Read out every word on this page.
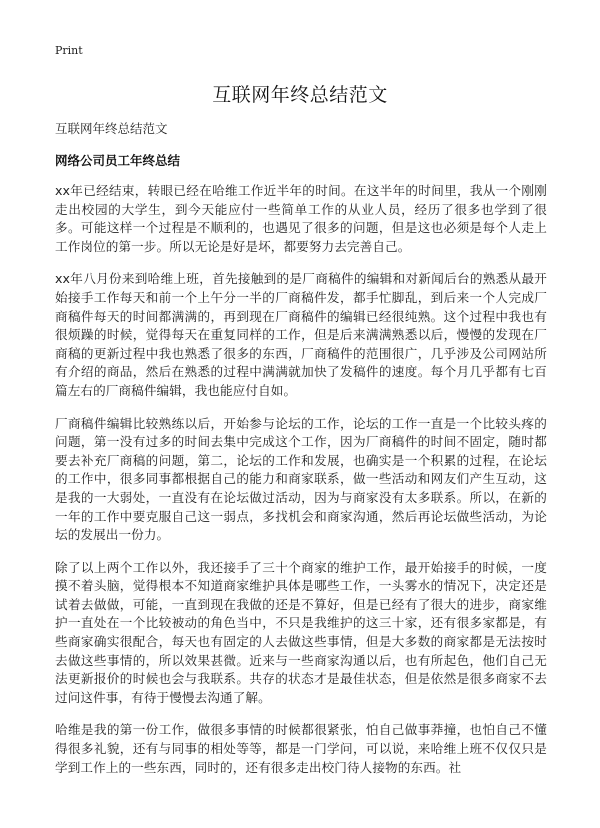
Print
互联网年终总结范文
互联网年终总结范文
网络公司员工年终总结

xx年已经结束，转眼已经在哈维工作近半年的时间。在这半年的时间里，我从一个刚刚走出校园的大学生，到今天能应付一些简单工作的从业人员，经历了很多也学到了很多。可能这样一个过程是不顺利的，也遇见了很多的问题，但是这也必须是每个人走上工作岗位的第一步。所以无论是好是坏，都要努力去完善自己。

xx年八月份来到哈维上班，首先接触到的是厂商稿件的编辑和对新闻后台的熟悉从最开始接手工作每天和前一个上午分一半的厂商稿件发，都手忙脚乱，到后来一个人完成厂商稿件每天的时间都满满的，再到现在厂商稿件的编辑已经很纯熟。这个过程中我也有很烦躁的时候，觉得每天在重复同样的工作，但是后来满满熟悉以后，慢慢的发现在厂商稿的更新过程中我也熟悉了很多的东西，厂商稿件的范围很广，几乎涉及公司网站所有介绍的商品，然后在熟悉的过程中满满就加快了发稿件的速度。每个月几乎都有七百篇左右的厂商稿件编辑，我也能应付自如。

厂商稿件编辑比较熟练以后，开始参与论坛的工作，论坛的工作一直是一个比较头疼的问题，第一没有过多的时间去集中完成这个工作，因为厂商稿件的时间不固定，随时都要去补充厂商稿的问题，第二，论坛的工作和发展，也确实是一个积累的过程，在论坛的工作中，很多同事都根据自己的能力和商家联系，做一些活动和网友们产生互动，这是我的一大弱处，一直没有在论坛做过活动，因为与商家没有太多联系。所以，在新的一年的工作中要克服自己这一弱点，多找机会和商家沟通，然后再论坛做些活动，为论坛的发展出一份力。

除了以上两个工作以外，我还接手了三十个商家的维护工作，最开始接手的时候，一度摸不着头脑，觉得根本不知道商家维护具体是哪些工作，一头雾水的情况下，决定还是试着去做做，可能，一直到现在我做的还是不算好，但是已经有了很大的进步，商家维护一直处在一个比较被动的角色当中，不只是我维护的这三十家，还有很多家都是，有些商家确实很配合，每天也有固定的人去做这些事情，但是大多数的商家都是无法按时去做这些事情的，所以效果甚微。近来与一些商家沟通以后，也有所起色，他们自己无法更新报价的时候也会与我联系。共存的状态才是最佳状态，但是依然是很多商家不去过问这件事，有待于慢慢去沟通了解。

哈维是我的第一份工作，做很多事情的时候都很紧张，怕自己做事莽撞，也怕自己不懂得很多礼貌，还有与同事的相处等等，都是一门学问，可以说，来哈维上班不仅仅只是学到工作上的一些东西，同时的，还有很多走出校门待人接物的东西。社
